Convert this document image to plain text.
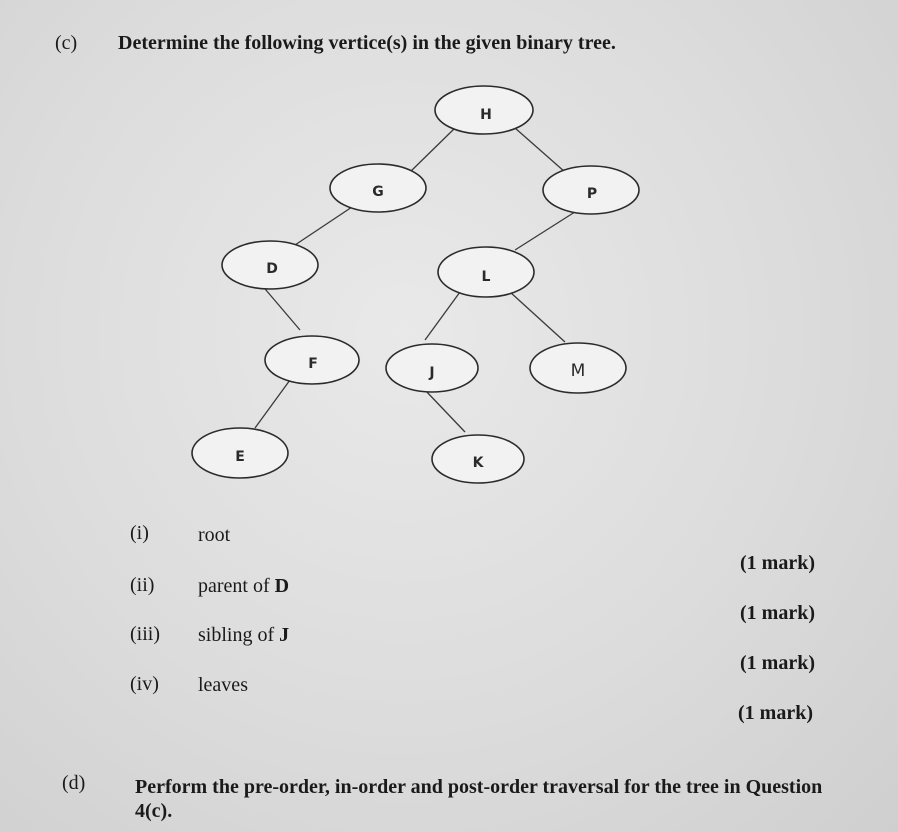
(c) Determine the following vertice(s) in the given binary tree.
H
G	P
D	L
F
J	M
E	K
(i) root
(ii) parent of D
(iii) sibling of J
(iv) leaves
(1 mark)
(1 mark)
(1 mark)
(1 mark)
(d) Perform the pre-order, in-order and post-order traversal for the tree in Question
4(c).
